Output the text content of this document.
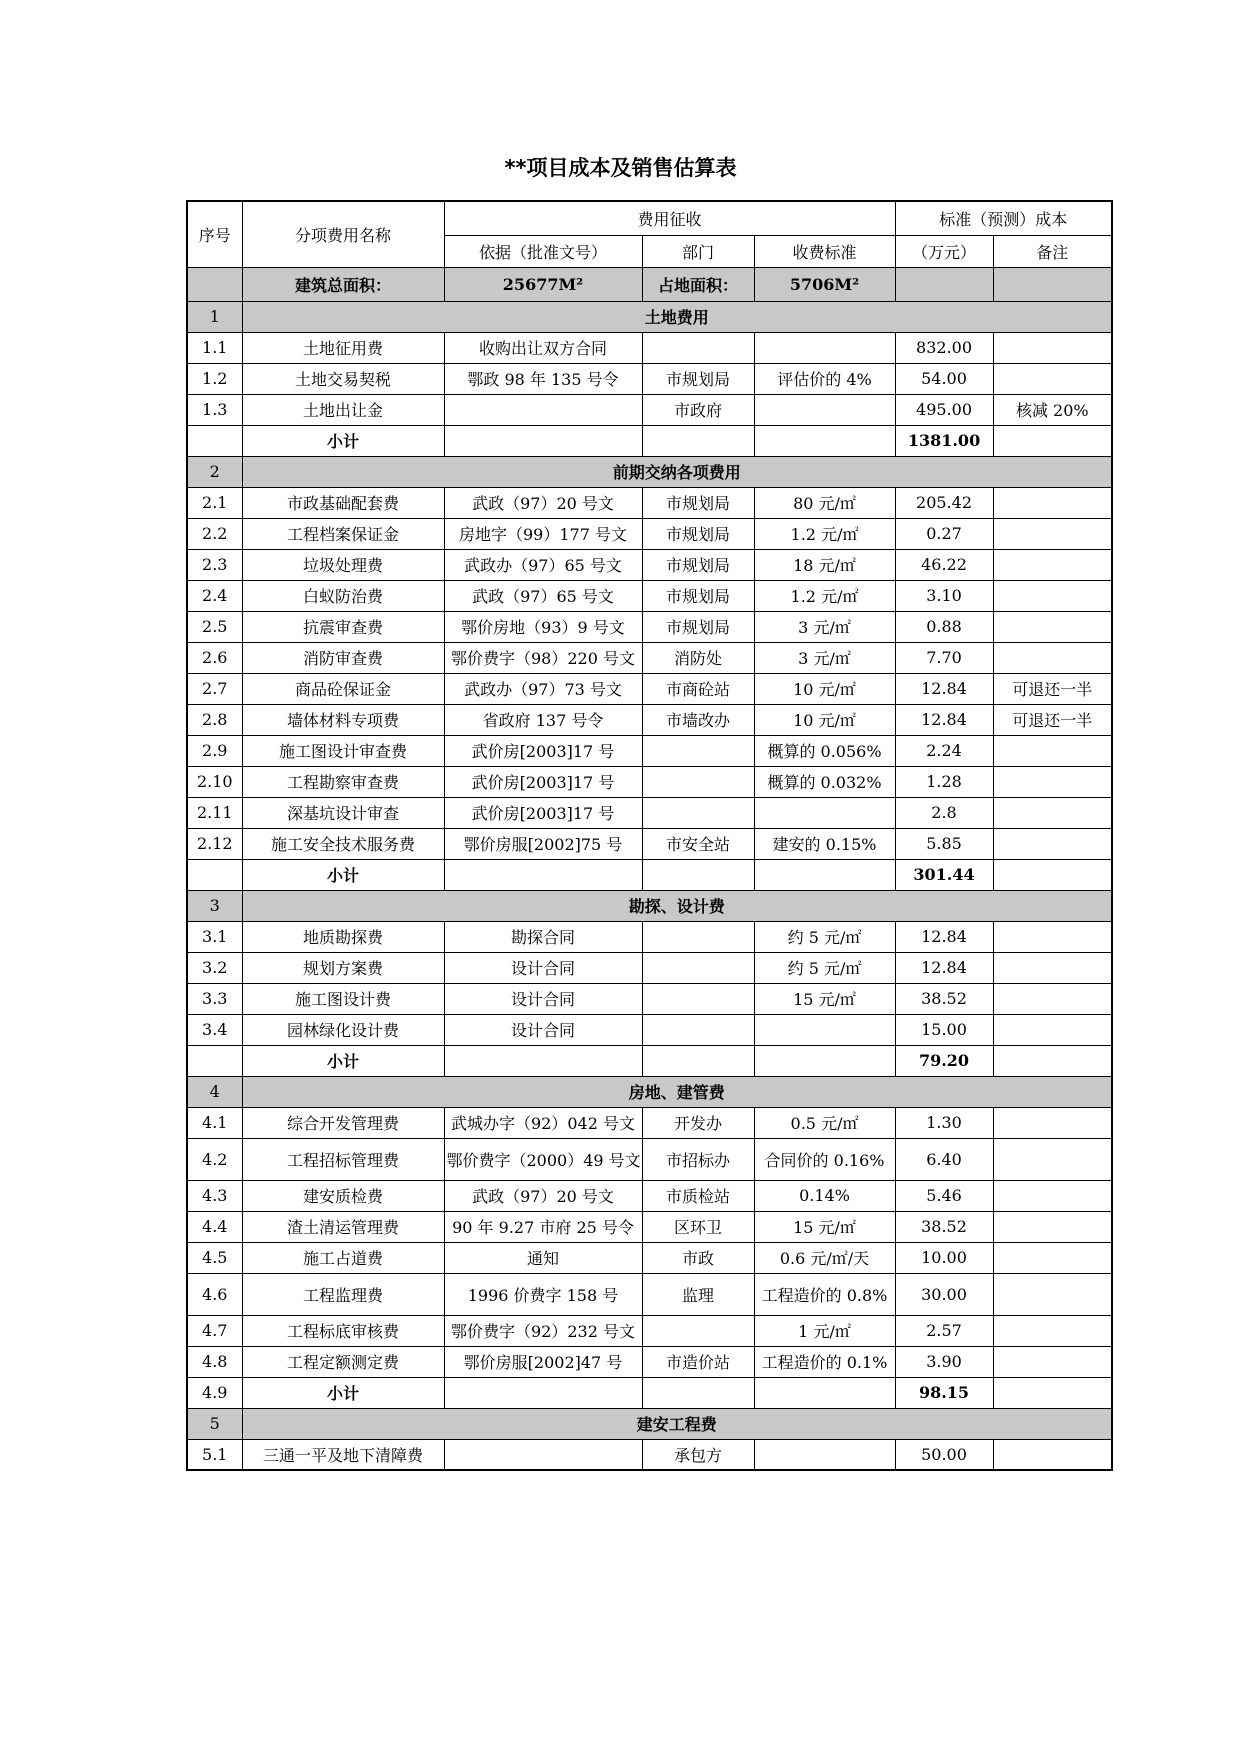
**项目成本及销售估算表
序号	分项费用名称	费用征收			标准（预测）成本	
		依据（批准文号）	部门	收费标准	（万元）	备注
	建筑总面积：	25677M²	占地面积：	5706M²		
1	土地费用					
1.1	土地征用费	收购出让双方合同			832.00	
1.2	土地交易契税	鄂政 98 年 135 号令	市规划局	评估价的 4%	54.00	
1.3	土地出让金		市政府		495.00	核减 20%
	小计				1381.00	
2	前期交纳各项费用					
2.1	市政基础配套费	武政（97）20 号文	市规划局	80 元/㎡	205.42	
2.2	工程档案保证金	房地字（99）177 号文	市规划局	1.2 元/㎡	0.27	
2.3	垃圾处理费	武政办（97）65 号文	市规划局	18 元/㎡	46.22	
2.4	白蚁防治费	武政（97）65 号文	市规划局	1.2 元/㎡	3.10	
2.5	抗震审查费	鄂价房地（93）9 号文	市规划局	3 元/㎡	0.88	
2.6	消防审查费	鄂价费字（98）220 号文	消防处	3 元/㎡	7.70	
2.7	商品砼保证金	武政办（97）73 号文	市商砼站	10 元/㎡	12.84	可退还一半
2.8	墙体材料专项费	省政府 137 号令	市墙改办	10 元/㎡	12.84	可退还一半
2.9	施工图设计审查费	武价房[2003]17 号		概算的 0.056%	2.24	
2.10	工程勘察审查费	武价房[2003]17 号		概算的 0.032%	1.28	
2.11	深基坑设计审查	武价房[2003]17 号			2.8	
2.12	施工安全技术服务费	鄂价房服[2002]75 号	市安全站	建安的 0.15%	5.85	
	小计				301.44	
3	勘探、设计费					
3.1	地质勘探费	勘探合同		约 5 元/㎡	12.84	
3.2	规划方案费	设计合同		约 5 元/㎡	12.84	
3.3	施工图设计费	设计合同		15 元/㎡	38.52	
3.4	园林绿化设计费	设计合同			15.00	
	小计				79.20	
4	房地、建管费					
4.1	综合开发管理费	武城办字（92）042 号文	开发办	0.5 元/㎡	1.30	
4.2	工程招标管理费	鄂价费字（2000）49 号文	市招标办	合同价的 0.16%	6.40	
4.3	建安质检费	武政（97）20 号文	市质检站	0.14%	5.46	
4.4	渣土清运管理费	90 年 9.27 市府 25 号令	区环卫	15 元/㎡	38.52	
4.5	施工占道费	通知	市政	0.6 元/㎡/天	10.00	
4.6	工程监理费	1996 价费字 158 号	监理	工程造价的 0.8%	30.00	
4.7	工程标底审核费	鄂价费字（92）232 号文		1 元/㎡	2.57	
4.8	工程定额测定费	鄂价房服[2002]47 号	市造价站	工程造价的 0.1%	3.90	
4.9	小计				98.15	
5	建安工程费					
5.1	三通一平及地下清障费		承包方		50.00	
